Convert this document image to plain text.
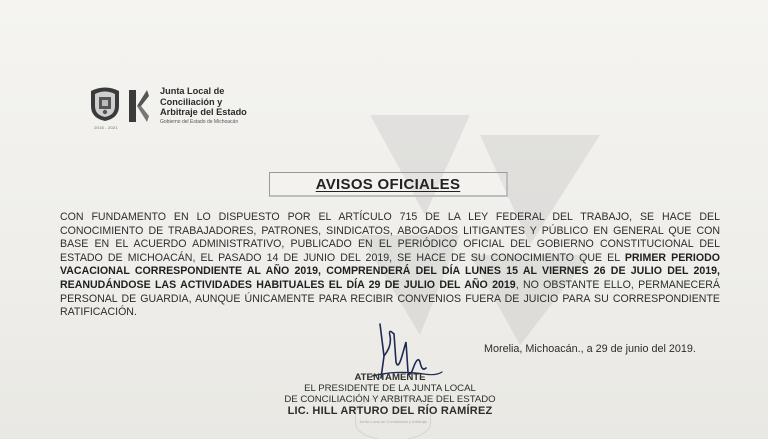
2015 - 2021
Junta Local de
Conciliación y
Arbitraje del Estado
Gobierno del Estado de Michoacán
AVISOS OFICIALES
CON FUNDAMENTO EN LO DISPUESTO POR EL ARTÍCULO 715 DE LA LEY FEDERAL DEL TRABAJO, SE HACE DEL CONOCIMIENTO DE TRABAJADORES, PATRONES, SINDICATOS, ABOGADOS LITIGANTES Y PÚBLICO EN GENERAL QUE CON BASE EN EL ACUERDO ADMINISTRATIVO, PUBLICADO EN EL PERIÓDICO OFICIAL DEL GOBIERNO CONSTITUCIONAL DEL ESTADO DE MICHOACÁN, EL PASADO 14 DE JUNIO DEL 2019, SE HACE DE SU CONOCIMIENTO QUE EL PRIMER PERIODO VACACIONAL CORRESPONDIENTE AL AÑO 2019, COMPRENDERÁ DEL DÍA LUNES 15 AL VIERNES 26 DE JULIO DEL 2019, REANUDÁNDOSE LAS ACTIVIDADES HABITUALES EL DÍA 29 DE JULIO DEL AÑO 2019, NO OBSTANTE ELLO, PERMANECERÁ PERSONAL DE GUARDIA, AUNQUE ÚNICAMENTE PARA RECIBIR CONVENIOS FUERA DE JUICIO PARA SU CORRESPONDIENTE RATIFICACIÓN.
Morelia, Michoacán., a 29 de junio del 2019.
ATENTAMENTE
EL PRESIDENTE DE LA JUNTA LOCAL
DE CONCILIACIÓN Y ARBITRAJE DEL ESTADO
LIC. HILL ARTURO DEL RÍO RAMÍREZ
Junta Local de Conciliación y Arbitraje
